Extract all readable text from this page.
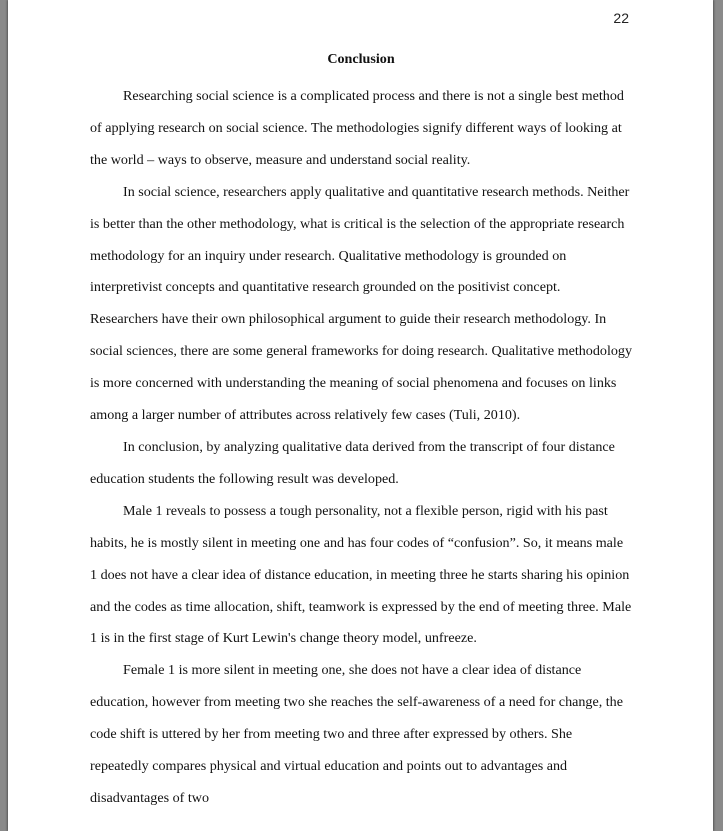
22
Conclusion

Researching social science is a complicated process and there is not a single best method of applying research on social science. The methodologies signify different ways of looking at the world – ways to observe, measure and understand social reality.

In social science, researchers apply qualitative and quantitative research methods. Neither is better than the other methodology, what is critical is the selection of the appropriate research methodology for an inquiry under research. Qualitative methodology is grounded on interpretivist concepts and quantitative research grounded on the positivist concept. Researchers have their own philosophical argument to guide their research methodology. In social sciences, there are some general frameworks for doing research. Qualitative methodology is more concerned with understanding the meaning of social phenomena and focuses on links among a larger number of attributes across relatively few cases (Tuli, 2010).

In conclusion, by analyzing qualitative data derived from the transcript of four distance education students the following result was developed.

Male 1 reveals to possess a tough personality, not a flexible person, rigid with his past habits, he is mostly silent in meeting one and has four codes of “confusion”. So, it means male 1 does not have a clear idea of distance education, in meeting three he starts sharing his opinion and the codes as time allocation, shift, teamwork is expressed by the end of meeting three. Male 1 is in the first stage of Kurt Lewin's change theory model, unfreeze.

Female 1 is more silent in meeting one, she does not have a clear idea of distance education, however from meeting two she reaches the self-awareness of a need for change, the code shift is uttered by her from meeting two and three after expressed by others. She repeatedly compares physical and virtual education and points out to advantages and disadvantages of two
